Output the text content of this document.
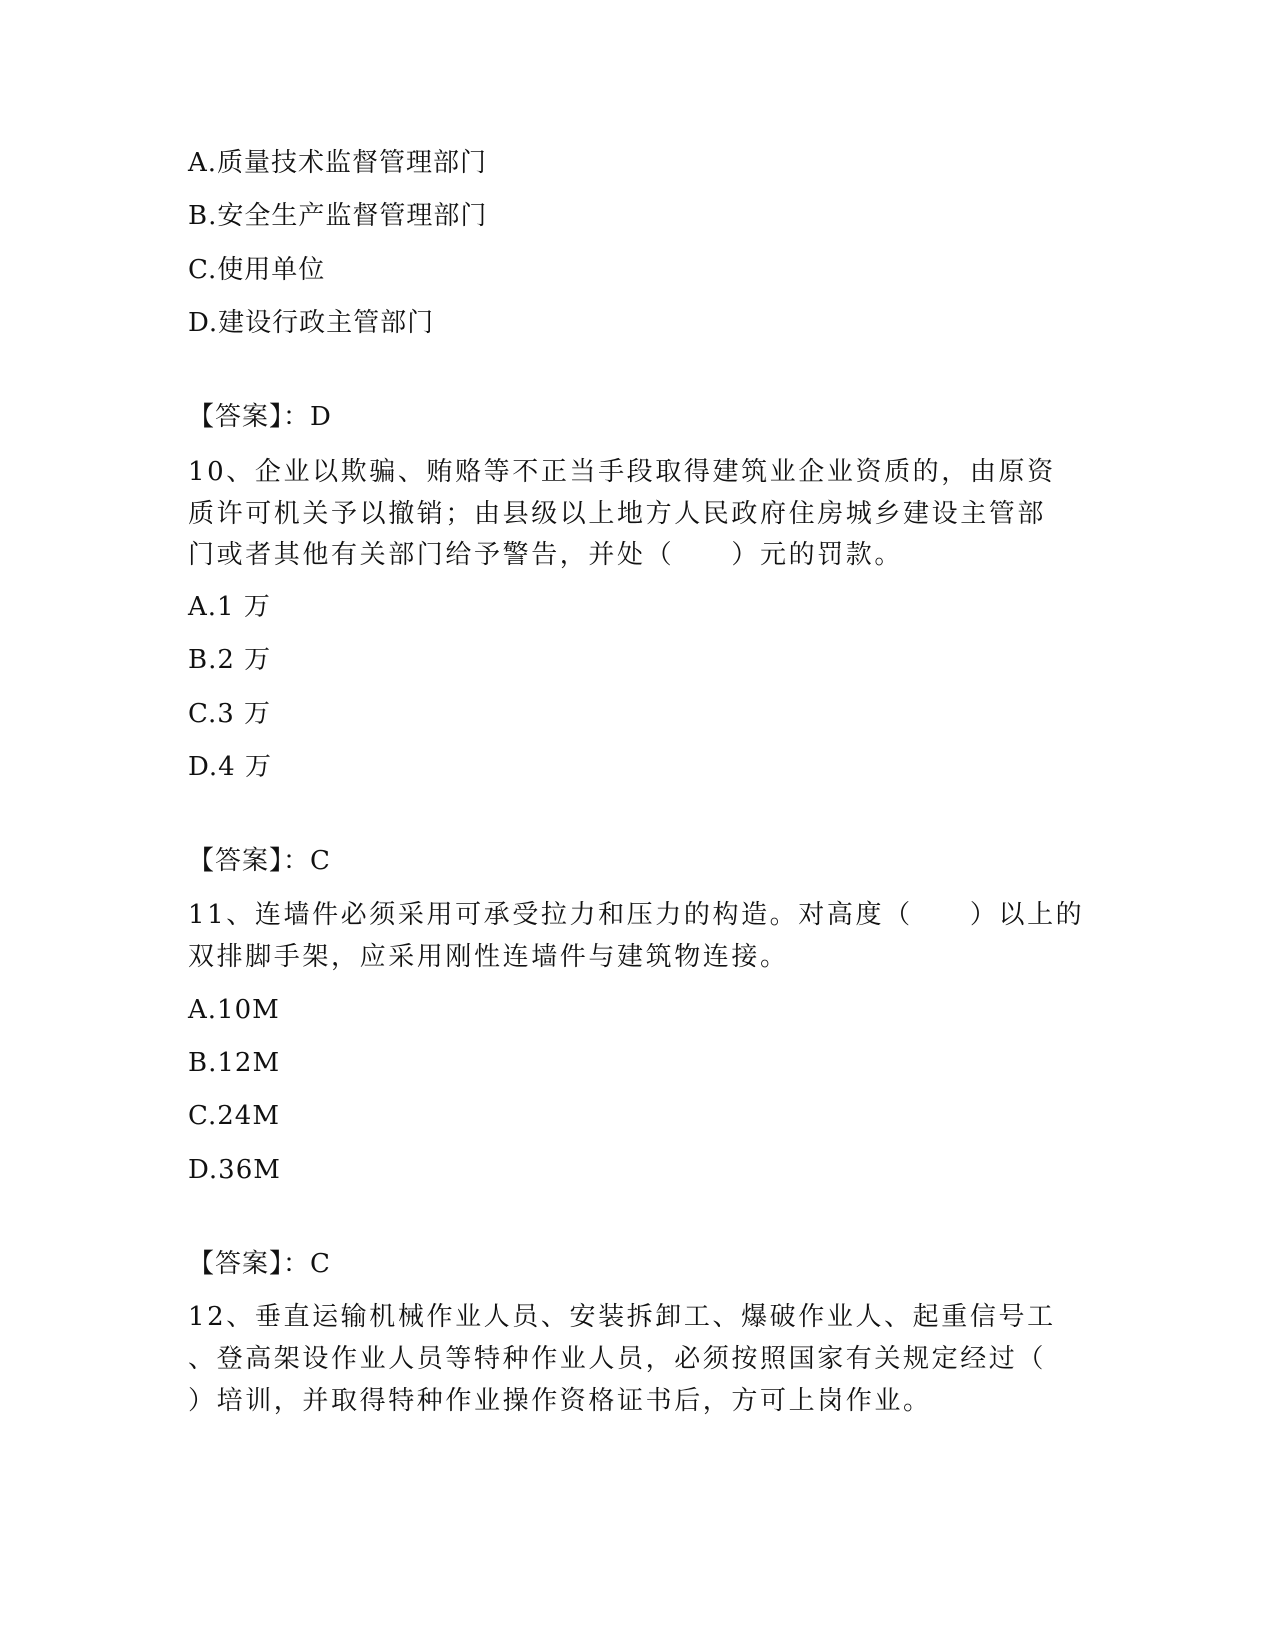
A.质量技术监督管理部门
B.安全生产监督管理部门
C.使用单位
D.建设行政主管部门
【答案】：D
10、企业以欺骗、贿赂等不正当手段取得建筑业企业资质的，由原资
质许可机关予以撤销；由县级以上地方人民政府住房城乡建设主管部
门或者其他有关部门给予警告，并处（　　）元的罚款。
A.1 万
B.2 万
C.3 万
D.4 万
【答案】：C
11、连墙件必须采用可承受拉力和压力的构造。对高度（　　）以上的
双排脚手架，应采用刚性连墙件与建筑物连接。
A.10M
B.12M
C.24M
D.36M
【答案】：C
12、垂直运输机械作业人员、安装拆卸工、爆破作业人、起重信号工
、登高架设作业人员等特种作业人员，必须按照国家有关规定经过（
）培训，并取得特种作业操作资格证书后，方可上岗作业。
